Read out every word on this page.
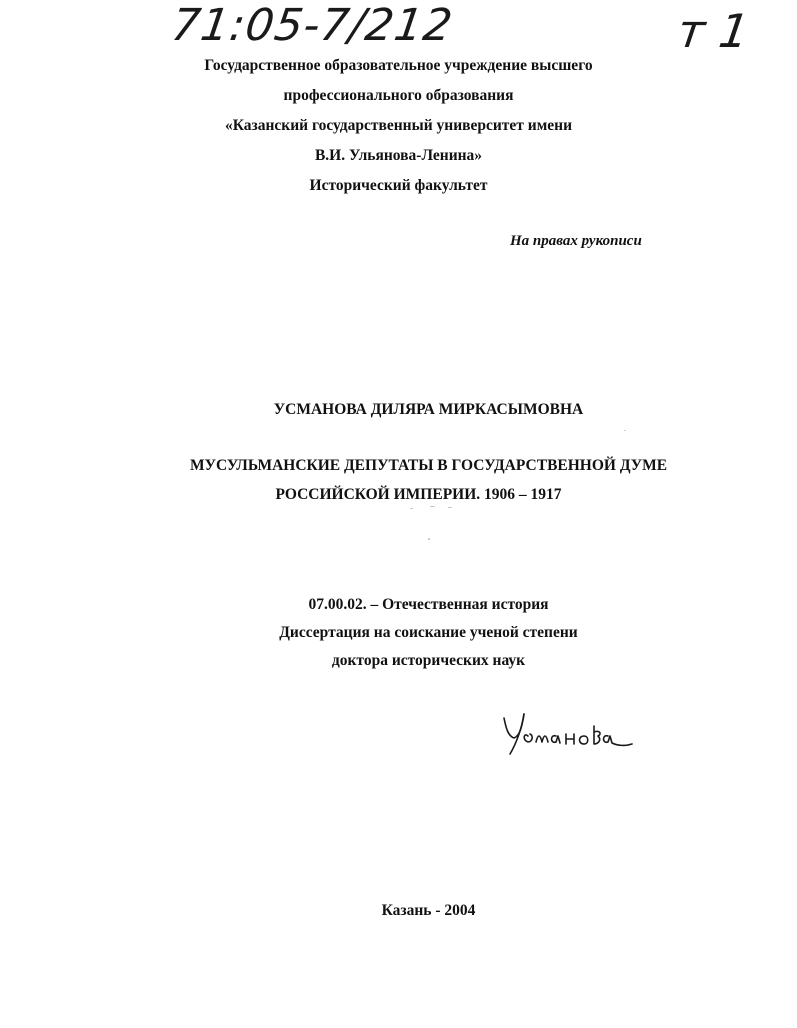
71:05-7/212	т 1
Государственное образовательное учреждение высшего
профессионального образования
«Казанский государственный университет имени
В.И. Ульянова-Ленина»
Исторический факультет
На правах рукописи
УСМАНОВА ДИЛЯРА МИРКАСЫМОВНА
МУСУЛЬМАНСКИЕ ДЕПУТАТЫ В ГОСУДАРСТВЕННОЙ ДУМЕ
РОССИЙСКОЙ ИМПЕРИИ. 1906 – 1917
07.00.02. – Отечественная история
Диссертация на соискание ученой степени
доктора исторических наук
Казань - 2004
